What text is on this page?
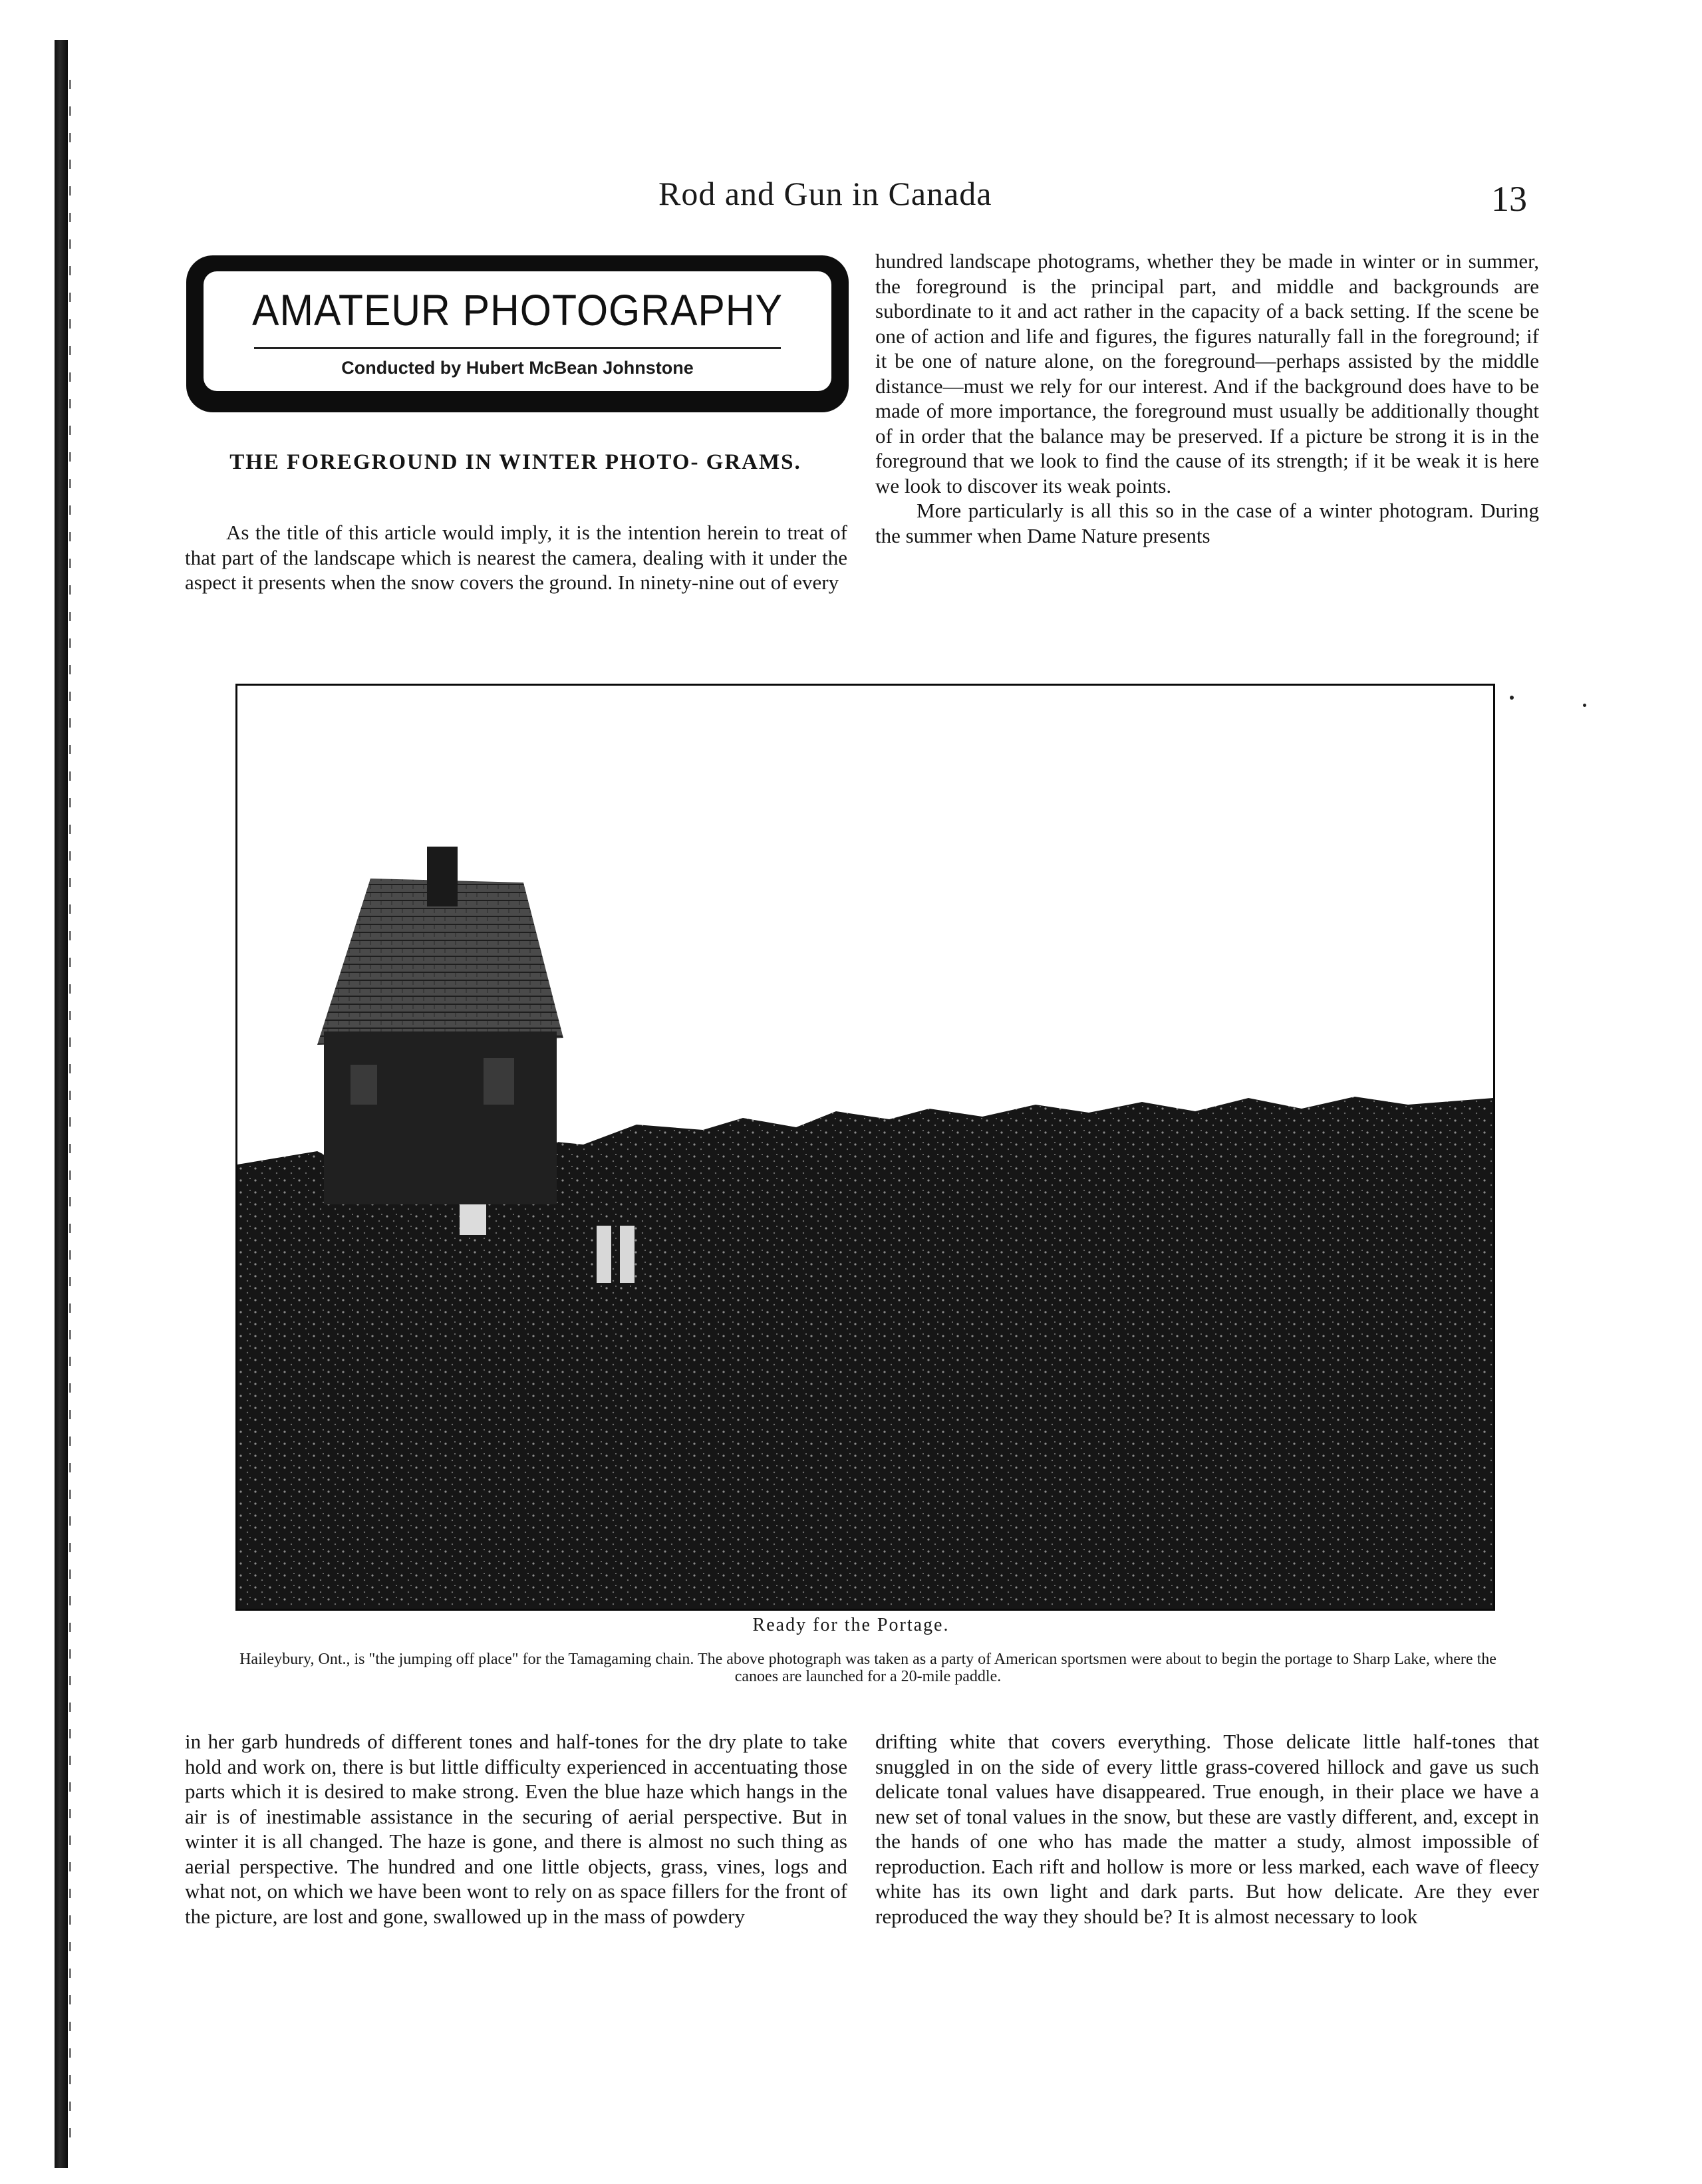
Rod and Gun in Canada	13
AMATEUR PHOTOGRAPHY
Conducted by Hubert McBean Johnstone
THE FOREGROUND IN WINTER PHOTO- GRAMS.

As the title of this article would imply, it is the intention herein to treat of that part of the landscape which is nearest the camera, dealing with it under the aspect it presents when the snow covers the ground. In ninety-nine out of every

hundred landscape photograms, whether they be made in winter or in summer, the foreground is the principal part, and middle and backgrounds are subordinate to it and act rather in the capacity of a back setting. If the scene be one of action and life and figures, the figures naturally fall in the foreground; if it be one of nature alone, on the foreground—perhaps assisted by the middle distance—must we rely for our interest. And if the background does have to be made of more importance, the foreground must usually be additionally thought of in order that the balance may be preserved. If a picture be strong it is in the foreground that we look to find the cause of its strength; if it be weak it is here we look to discover its weak points.

More particularly is all this so in the case of a winter photogram. During the summer when Dame Nature presents

Ready for the Portage.
Haileybury, Ont., is "the jumping off place" for the Tamagaming chain. The above photograph was taken as a party of American sportsmen were about to begin the portage to Sharp Lake, where the canoes are launched for a 20-mile paddle.

in her garb hundreds of different tones and half-tones for the dry plate to take hold and work on, there is but little difficulty experienced in accentuating those parts which it is desired to make strong. Even the blue haze which hangs in the air is of inestimable assistance in the securing of aerial perspective. But in winter it is all changed. The haze is gone, and there is almost no such thing as aerial perspective. The hundred and one little objects, grass, vines, logs and what not, on which we have been wont to rely on as space fillers for the front of the picture, are lost and gone, swallowed up in the mass of powdery

drifting white that covers everything. Those delicate little half-tones that snuggled in on the side of every little grass-covered hillock and gave us such delicate tonal values have disappeared. True enough, in their place we have a new set of tonal values in the snow, but these are vastly different, and, except in the hands of one who has made the matter a study, almost impossible of reproduction. Each rift and hollow is more or less marked, each wave of fleecy white has its own light and dark parts. But how delicate. Are they ever reproduced the way they should be? It is almost necessary to look
